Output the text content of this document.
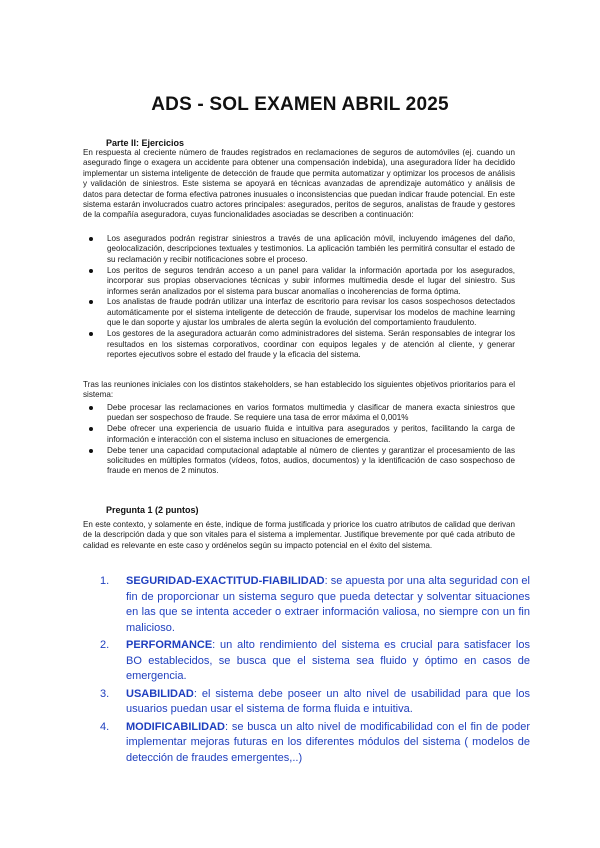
ADS - SOL EXAMEN ABRIL 2025
Parte II: Ejercicios
En respuesta al creciente número de fraudes registrados en reclamaciones de seguros de automóviles (ej. cuando un asegurado finge o exagera un accidente para obtener una compensación indebida), una aseguradora líder ha decidido implementar un sistema inteligente de detección de fraude que permita automatizar y optimizar los procesos de análisis y validación de siniestros. Este sistema se apoyará en técnicas avanzadas de aprendizaje automático y análisis de datos para detectar de forma efectiva patrones inusuales o inconsistencias que puedan indicar fraude potencial. En este sistema estarán involucrados cuatro actores principales: asegurados, peritos de seguros, analistas de fraude y gestores de la compañía aseguradora, cuyas funcionalidades asociadas se describen a continuación:
Los asegurados podrán registrar siniestros a través de una aplicación móvil, incluyendo imágenes del daño, geolocalización, descripciones textuales y testimonios. La aplicación también les permitirá consultar el estado de su reclamación y recibir notificaciones sobre el proceso.
Los peritos de seguros tendrán acceso a un panel para validar la información aportada por los asegurados, incorporar sus propias observaciones técnicas y subir informes multimedia desde el lugar del siniestro. Sus informes serán analizados por el sistema para buscar anomalías o incoherencias de forma óptima.
Los analistas de fraude podrán utilizar una interfaz de escritorio para revisar los casos sospechosos detectados automáticamente por el sistema inteligente de detección de fraude, supervisar los modelos de machine learning que le dan soporte y ajustar los umbrales de alerta según la evolución del comportamiento fraudulento.
Los gestores de la aseguradora actuarán como administradores del sistema. Serán responsables de integrar los resultados en los sistemas corporativos, coordinar con equipos legales y de atención al cliente, y generar reportes ejecutivos sobre el estado del fraude y la eficacia del sistema.
Tras las reuniones iniciales con los distintos stakeholders, se han establecido los siguientes objetivos prioritarios para el sistema:
Debe procesar las reclamaciones en varios formatos multimedia y clasificar de manera exacta siniestros que puedan ser sospechoso de fraude. Se requiere una tasa de error máxima el 0,001%
Debe ofrecer una experiencia de usuario fluida e intuitiva para asegurados y peritos, facilitando la carga de información e interacción con el sistema incluso en situaciones de emergencia.
Debe tener una capacidad computacional adaptable al número de clientes y garantizar el procesamiento de las solicitudes en múltiples formatos (vídeos, fotos, audios, documentos) y la identificación de caso sospechoso de fraude en menos de 2 minutos.
Pregunta 1 (2 puntos)
En este contexto, y solamente en éste, indique de forma justificada y priorice los cuatro atributos de calidad que derivan de la descripción dada y que son vitales para el sistema a implementar. Justifique brevemente por qué cada atributo de calidad es relevante en este caso y ordénelos según su impacto potencial en el éxito del sistema.
1.	SEGURIDAD-EXACTITUD-FIABILIDAD: se apuesta por una alta seguridad con el fin de proporcionar un sistema seguro que pueda detectar y solventar situaciones en las que se intenta acceder o extraer información valiosa, no siempre con un fin malicioso.
2.	PERFORMANCE: un alto rendimiento del sistema es crucial para satisfacer los BO establecidos, se busca que el sistema sea fluido y óptimo en casos de emergencia.
3.	USABILIDAD: el sistema debe poseer un alto nivel de usabilidad para que los usuarios puedan usar el sistema de forma fluida e intuitiva.
4.	MODIFICABILIDAD: se busca un alto nivel de modificabilidad con el fin de poder implementar mejoras futuras en los diferentes módulos del sistema ( modelos de detección de fraudes emergentes,..)
